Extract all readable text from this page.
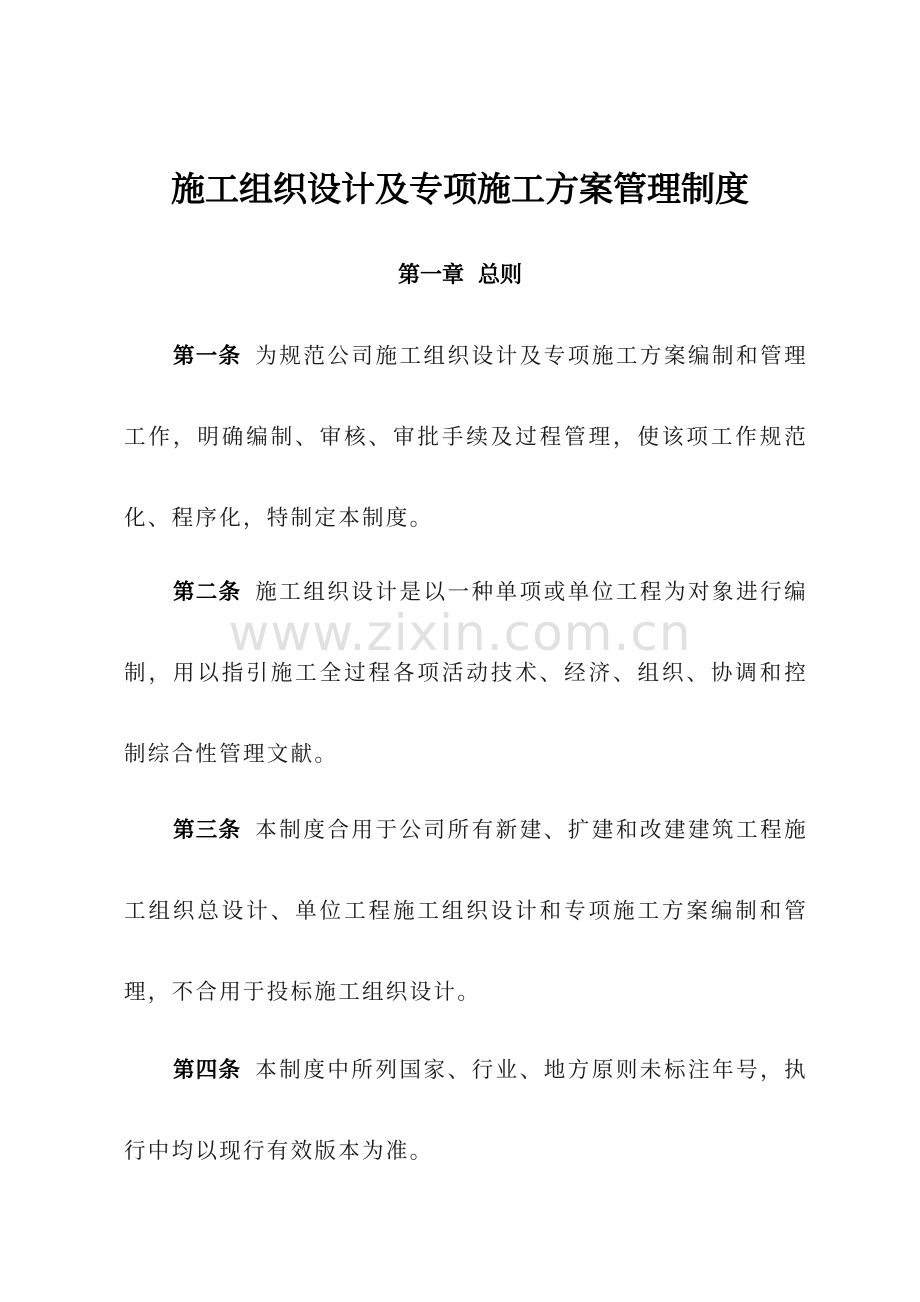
施工组织设计及专项施工方案管理制度
第一章 总则

第一条 为规范公司施工组织设计及专项施工方案编制和管理工作，明确编制、审核、审批手续及过程管理，使该项工作规范化、程序化，特制定本制度。

第二条 施工组织设计是以一种单项或单位工程为对象进行编制，用以指引施工全过程各项活动技术、经济、组织、协调和控制综合性管理文献。

第三条 本制度合用于公司所有新建、扩建和改建建筑工程施工组织总设计、单位工程施工组织设计和专项施工方案编制和管理，不合用于投标施工组织设计。

第四条 本制度中所列国家、行业、地方原则未标注年号，执行中均以现行有效版本为准。

www.zixin.com.cn
